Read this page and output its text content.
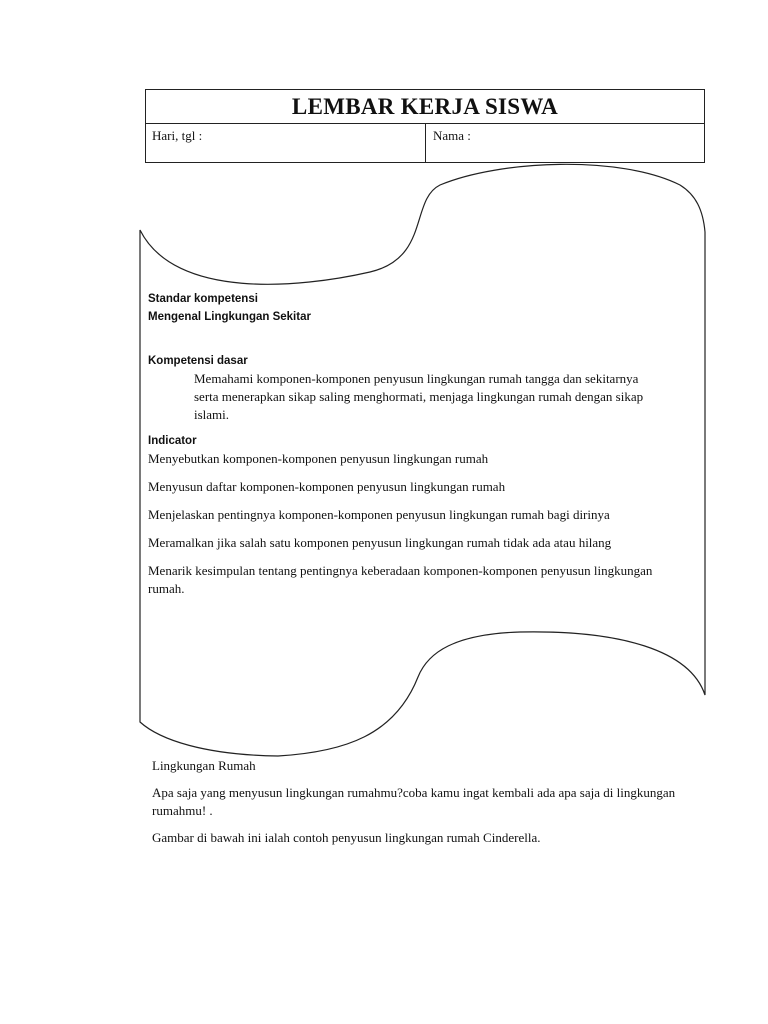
LEMBAR KERJA SISWA
Hari, tgl :	Nama :
Standar kompetensi
Mengenal Lingkungan Sekitar
Kompetensi dasar
Memahami komponen-komponen penyusun lingkungan rumah tangga dan sekitarnya serta menerapkan sikap saling menghormati, menjaga lingkungan rumah dengan sikap islami.
Indicator
Menyebutkan komponen-komponen penyusun lingkungan rumah
Menyusun daftar komponen-komponen penyusun lingkungan rumah
Menjelaskan pentingnya komponen-komponen penyusun lingkungan rumah bagi dirinya
Meramalkan jika salah satu komponen penyusun lingkungan rumah tidak ada atau hilang
Menarik kesimpulan tentang pentingnya keberadaan komponen-komponen penyusun lingkungan rumah.

Lingkungan Rumah

Apa saja yang menyusun lingkungan rumahmu?coba kamu ingat kembali ada apa saja di lingkungan rumahmu! .

Gambar di bawah ini ialah contoh penyusun lingkungan rumah Cinderella.
